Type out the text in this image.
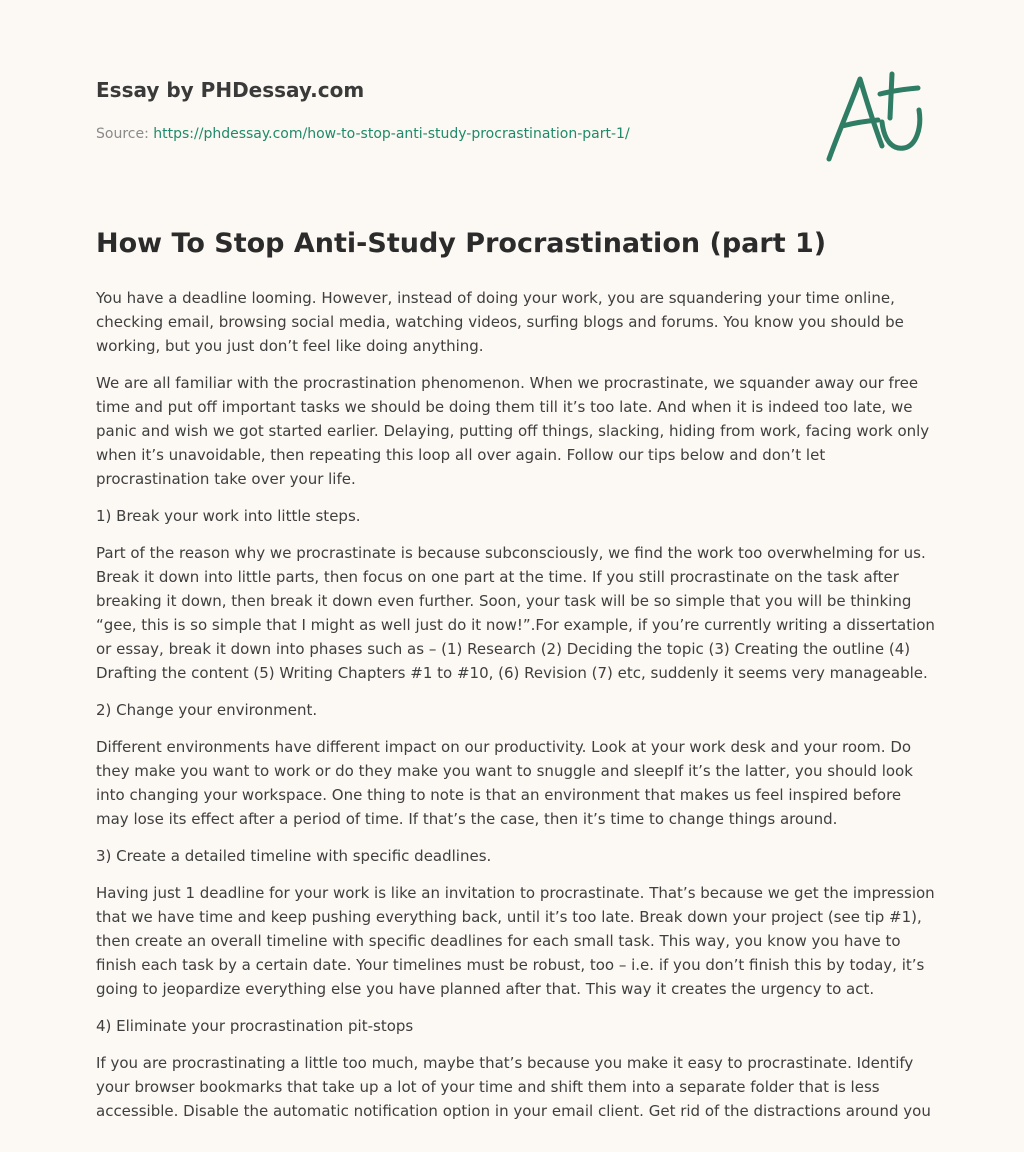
Essay by PHDessay.com
Source: https://phdessay.com/how-to-stop-anti-study-procrastination-part-1/
How To Stop Anti-Study Procrastination (part 1)

You have a deadline looming. However, instead of doing your work, you are squandering your time online, checking email, browsing social media, watching videos, surfing blogs and forums. You know you should be working, but you just don’t feel like doing anything.

We are all familiar with the procrastination phenomenon. When we procrastinate, we squander away our free time and put off important tasks we should be doing them till it’s too late. And when it is indeed too late, we panic and wish we got started earlier. Delaying, putting off things, slacking, hiding from work, facing work only when it’s unavoidable, then repeating this loop all over again. Follow our tips below and don’t let procrastination take over your life.

1) Break your work into little steps.

Part of the reason why we procrastinate is because subconsciously, we find the work too overwhelming for us. Break it down into little parts, then focus on one part at the time. If you still procrastinate on the task after breaking it down, then break it down even further. Soon, your task will be so simple that you will be thinking “gee, this is so simple that I might as well just do it now!”.For example, if you’re currently writing a dissertation or essay, break it down into phases such as – (1) Research (2) Deciding the topic (3) Creating the outline (4) Drafting the content (5) Writing Chapters #1 to #10, (6) Revision (7) etc, suddenly it seems very manageable.

2) Change your environment.

Different environments have different impact on our productivity. Look at your work desk and your room. Do they make you want to work or do they make you want to snuggle and sleepIf it’s the latter, you should look into changing your workspace. One thing to note is that an environment that makes us feel inspired before may lose its effect after a period of time. If that’s the case, then it’s time to change things around.

3) Create a detailed timeline with specific deadlines.

Having just 1 deadline for your work is like an invitation to procrastinate. That’s because we get the impression that we have time and keep pushing everything back, until it’s too late. Break down your project (see tip #1), then create an overall timeline with specific deadlines for each small task. This way, you know you have to finish each task by a certain date. Your timelines must be robust, too – i.e. if you don’t finish this by today, it’s going to jeopardize everything else you have planned after that. This way it creates the urgency to act.

4) Eliminate your procrastination pit-stops

If you are procrastinating a little too much, maybe that’s because you make it easy to procrastinate. Identify your browser bookmarks that take up a lot of your time and shift them into a separate folder that is less accessible. Disable the automatic notification option in your email client. Get rid of the distractions around you
